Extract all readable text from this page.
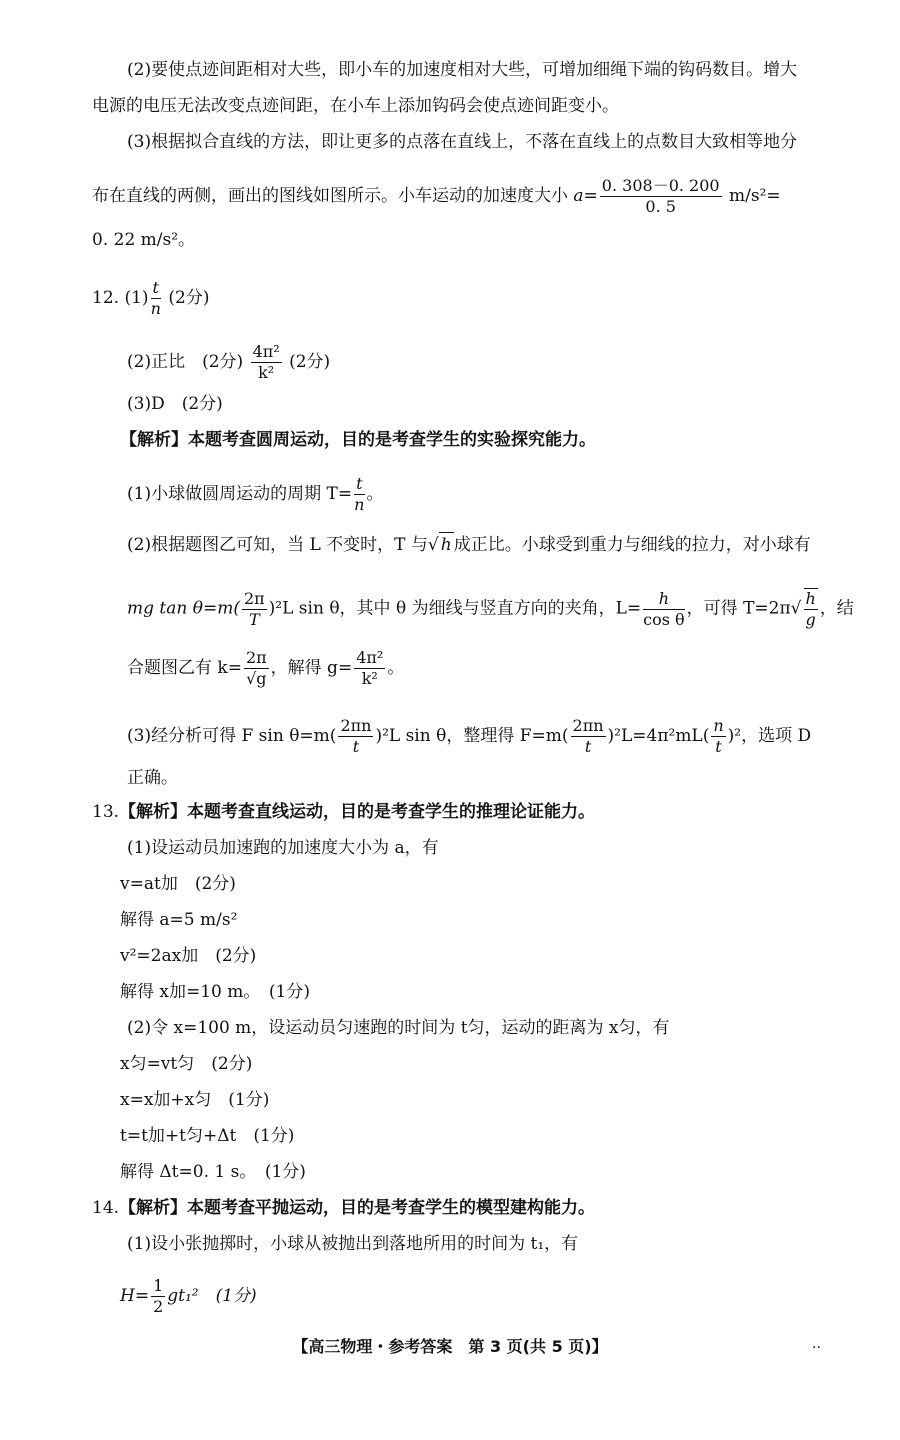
(2)要使点迹间距相对大些，即小车的加速度相对大些，可增加细绳下端的钩码数目。增大
电源的电压无法改变点迹间距，在小车上添加钩码会使点迹间距变小。
(3)根据拟合直线的方法，即让更多的点落在直线上，不落在直线上的点数目大致相等地分
布在直线的两侧，画出的图线如图所示。小车运动的加速度大小 $a= \frac{0. 308-0. 200}{0. 5} m/s^2=$
0. 22 m/s²。
12. $(1) \frac{t}{n} (2$分)
(2)正比　(2分) $\frac{\text{4π²}}{\text{k²}} (2$分)
(3)D　(2分)
【解析】本题考查圆周运动，目的是考查学生的实验探究能力。
(1)小球做圆周运动的周期 $T= \frac{t}{n}$ 。
(2)根据题图乙可知，当 L 不变时，T 与√ h 成正比。小球受到重力与细线的拉力，对小球有
mg $\tan \theta=m( \frac{2\pi}{T} )^2L$ sin θ，其中 θ 为细线与竖直方向的夹角，$L= \frac{h}{\text{cos θ}}$ ，可得 $T=2\pi√ \frac{h}{g}$ ，结
合题图乙有 $k= \frac{2\pi}{√g}$ ，解得 $g= \frac{\text{4π²}}{\text{k²}}$ 。
(3)经分析可得 F $\sin \theta=m( \frac{2\pi n}{t} )^2L$ sin θ，整理得 $F=m( \frac{2\pi n}{t} )^2L=4\pi^2mL( \frac{n}{t} )^2$，选项 D
正确。
13.【解析】本题考查直线运动，目的是考查学生的推理论证能力。
(1)设运动员加速跑的加速度大小为 a，有
v=at加　(2分)
解得 a=5 m/s²
v²=2ax加　(2分)
解得 x加=10 m。　(1分)
(2)令 x=100 m，设运动员匀速跑的时间为 t匀，运动的距离为 x匀，有
x匀=vt匀　(2分)
x=x加+x匀　(1分)
t=t加+t匀+Δt　(1分)
解得 Δt=0. 1 s。　(1分)
14.【解析】本题考查平抛运动，目的是考查学生的模型建构能力。
(1)设小张抛掷时，小球从被抛出到落地所用的时间为 t₁，有
$H= \frac{1}{2} gt_1^2$　(1分)
【高三物理・参考答案　第 3 页(共 5 页)】	..
